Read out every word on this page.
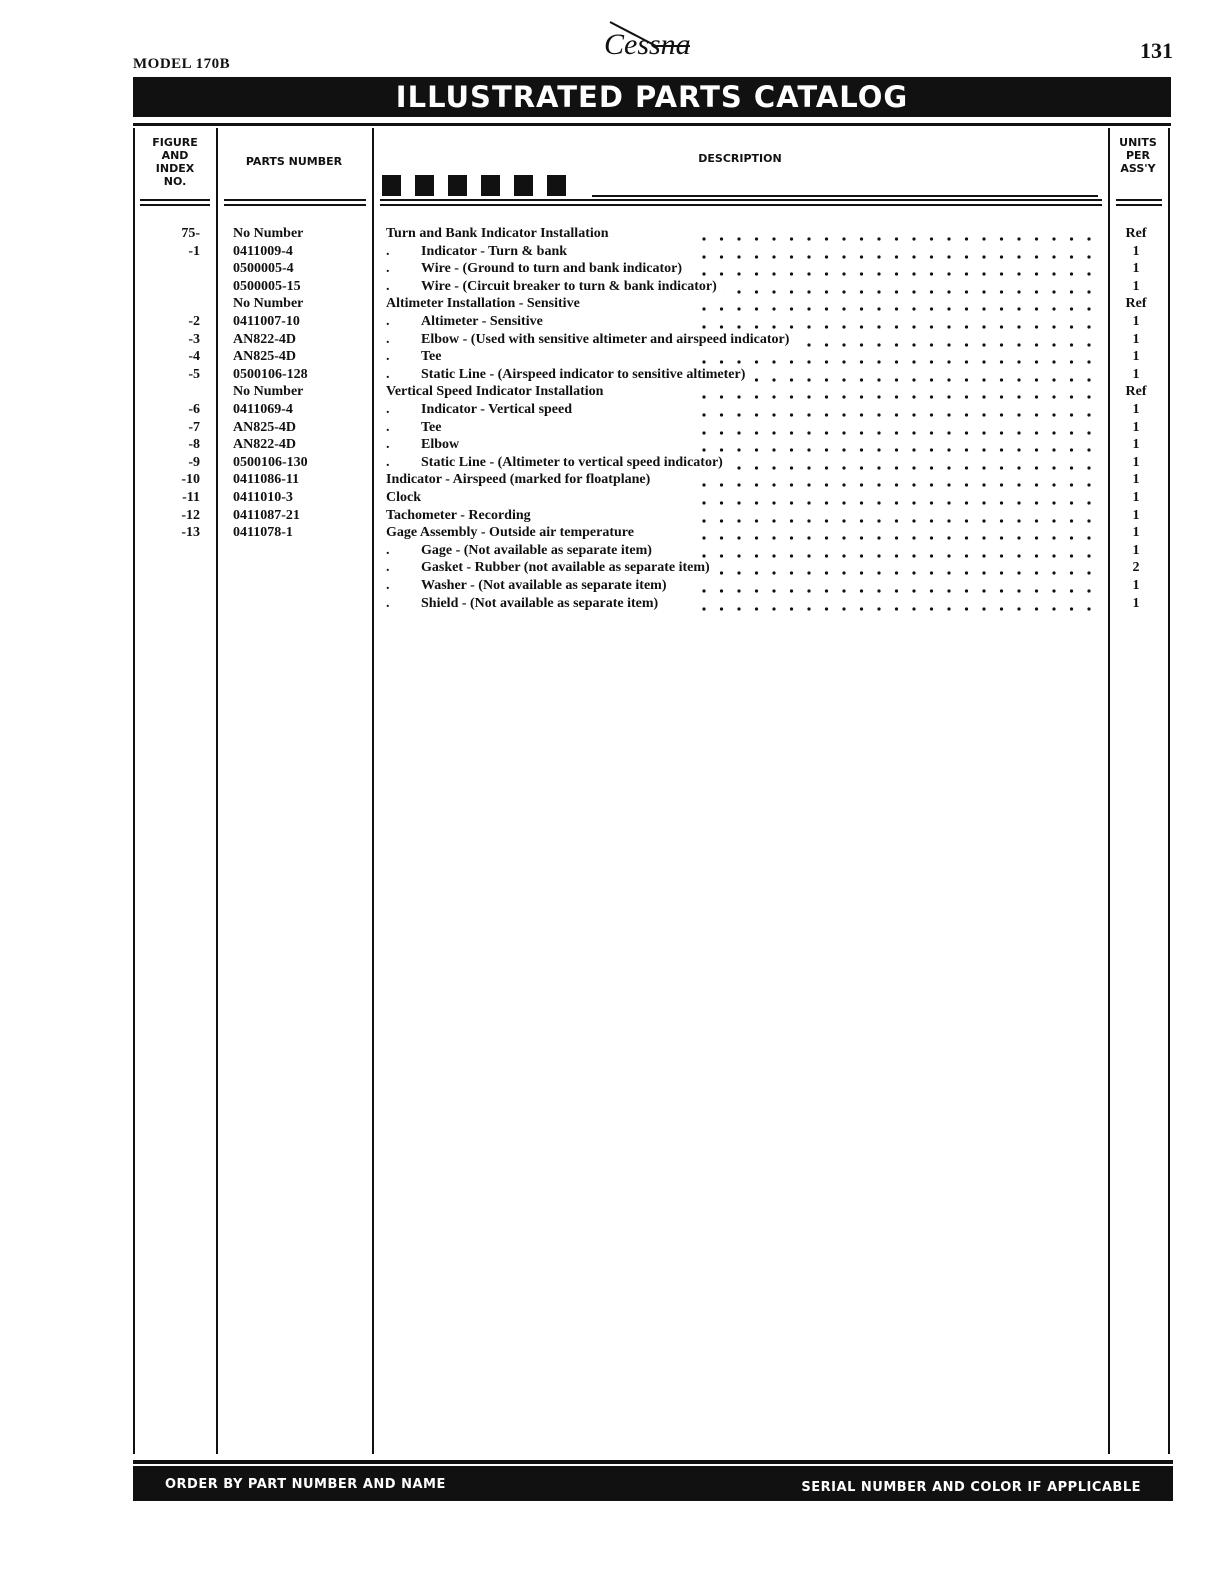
MODEL 170B
Cessna	131
ILLUSTRATED PARTS CATALOG
FIGURE
AND
INDEX
NO.
PARTS NUMBER	DESCRIPTION
UNITS
PER
ASS'Y
75- No Number	Turn and Bank Indicator Installation	Ref
-1 0411009-4	. Indicator - Turn & bank	1
0500005-4	. Wire - (Ground to turn and bank indicator)	1
0500005-15	. Wire - (Circuit breaker to turn & bank indicator)	1
No Number	Altimeter Installation - Sensitive	Ref
-2 0411007-10	. Altimeter - Sensitive	1
-3 AN822-4D	. Elbow - (Used with sensitive altimeter and airspeed indicator)	1
-4 AN825-4D	. Tee	1
-5 0500106-128	. Static Line - (Airspeed indicator to sensitive altimeter)	1
No Number	Vertical Speed Indicator Installation	Ref
-6 0411069-4	. Indicator - Vertical speed	1
-7 AN825-4D	. Tee	1
-8 AN822-4D	. Elbow	1
-9 0500106-130	. Static Line - (Altimeter to vertical speed indicator)	1
-10 0411086-11	Indicator - Airspeed (marked for floatplane)	1
-11 0411010-3	Clock	1
-12 0411087-21	Tachometer - Recording	1
-13 0411078-1	Gage Assembly - Outside air temperature	1
. Gage - (Not available as separate item)	1
. Gasket - Rubber (not available as separate item)	2
. Washer - (Not available as separate item)	1
. Shield - (Not available as separate item)	1
ORDER BY PART NUMBER AND NAME	SERIAL NUMBER AND COLOR IF APPLICABLE
